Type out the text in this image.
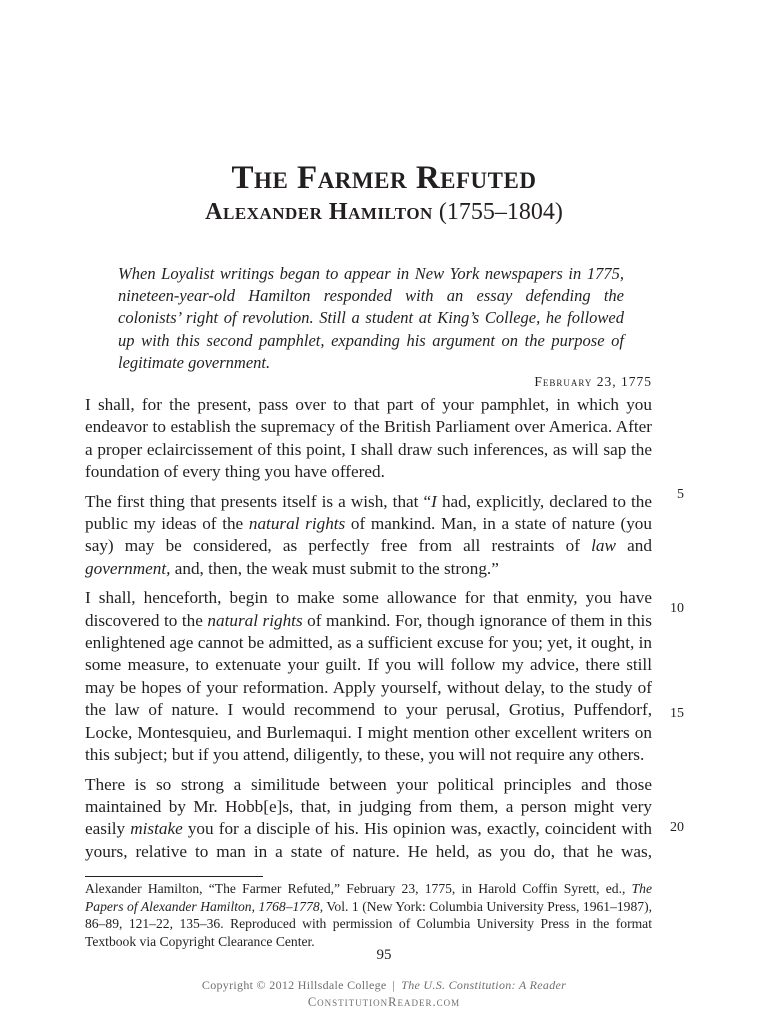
The Farmer Refuted
Alexander Hamilton (1755–1804)
When Loyalist writings began to appear in New York newspapers in 1775, nineteen-year-old Hamilton responded with an essay defending the colonists’ right of revolution. Still a student at King’s College, he followed up with this second pamphlet, expanding his argument on the purpose of legitimate government.
February 23, 1775

I shall, for the present, pass over to that part of your pamphlet, in which you endeavor to establish the supremacy of the British Parliament over America. After a proper eclaircissement of this point, I shall draw such inferences, as will sap the foundation of every thing you have offered.

The first thing that presents itself is a wish, that “I had, explicitly, declared to the public my ideas of the natural rights of mankind. Man, in a state of nature (you say) may be considered, as perfectly free from all restraints of law and government, and, then, the weak must submit to the strong.”

I shall, henceforth, begin to make some allowance for that enmity, you have discovered to the natural rights of mankind. For, though ignorance of them in this enlightened age cannot be admitted, as a sufficient excuse for you; yet, it ought, in some measure, to extenuate your guilt. If you will follow my advice, there still may be hopes of your reformation. Apply yourself, without delay, to the study of the law of nature. I would recommend to your perusal, Grotius, Puffendorf, Locke, Montesquieu, and Burlemaqui. I might mention other excellent writers on this subject; but if you attend, diligently, to these, you will not require any others.

There is so strong a similitude between your political principles and those maintained by Mr. Hobb[e]s, that, in judging from them, a person might very easily mistake you for a disciple of his. His opinion was, exactly, coincident with yours, relative to man in a state of nature. He held, as you do, that he was,

5
10
15
20
Alexander Hamilton, “The Farmer Refuted,” February 23, 1775, in Harold Coffin Syrett, ed., The Papers of Alexander Hamilton, 1768–1778, Vol. 1 (New York: Columbia University Press, 1961–1987), 86–89, 121–22, 135–36. Reproduced with permission of Columbia University Press in the format Textbook via Copyright Clearance Center.
95
Copyright © 2012 Hillsdale College | The U.S. Constitution: A Reader
ConstitutionReader.com
